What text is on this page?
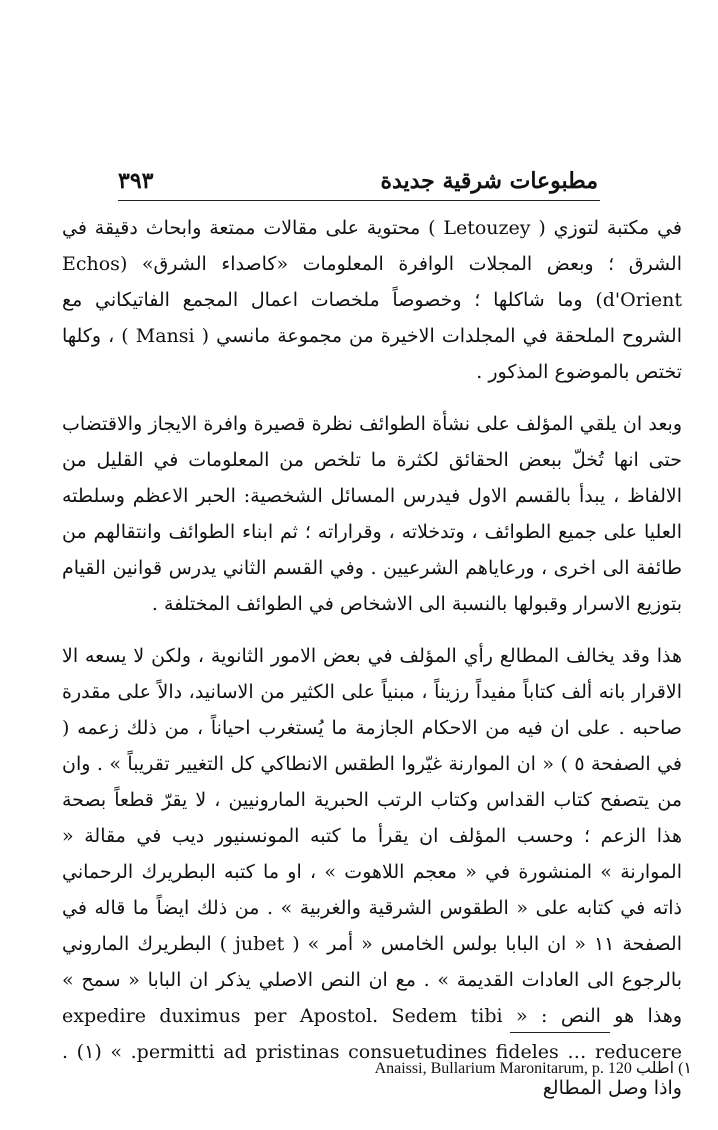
٣٩٣	مطبوعات شرقية جديدة

في مكتبة لتوزي ( Letouzey ) محتوية على مقالات ممتعة وابحاث دقيقة في الشرق ؛ وبعض المجلات الوافرة المعلومات «كاصداء الشرق» (Echos d'Orient) وما شاكلها ؛ وخصوصاً ملخصات اعمال المجمع الفاتيكاني مع الشروح الملحقة في المجلدات الاخيرة من مجموعة مانسي ( Mansi ) ، وكلها تختص بالموضوع المذكور .

وبعد ان يلقي المؤلف على نشأة الطوائف نظرة قصيرة وافرة الايجاز والاقتضاب حتى انها تُخلّ ببعض الحقائق لكثرة ما تلخص من المعلومات في القليل من الالفاظ ، يبدأ بالقسم الاول فيدرس المسائل الشخصية: الحبر الاعظم وسلطته العليا على جميع الطوائف ، وتدخلاته ، وقراراته ؛ ثم ابناء الطوائف وانتقالهم من طائفة الى اخرى ، ورعاياهم الشرعيين . وفي القسم الثاني يدرس قوانين القيام بتوزيع الاسرار وقبولها بالنسبة الى الاشخاص في الطوائف المختلفة .

هذا وقد يخالف المطالع رأي المؤلف في بعض الامور الثانوية ، ولكن لا يسعه الا الاقرار بانه ألف كتاباً مفيداً رزيناً ، مبنياً على الكثير من الاسانيد، دالاً على مقدرة صاحبه . على ان فيه من الاحكام الجازمة ما يُستغرب احياناً ، من ذلك زعمه ( في الصفحة ٥ ) « ان الموارنة غيّروا الطقس الانطاكي كل التغيير تقريباً » . وان من يتصفح كتاب القداس وكتاب الرتب الحبرية المارونيين ، لا يقرّ قطعاً بصحة هذا الزعم ؛ وحسب المؤلف ان يقرأ ما كتبه المونسنيور ديب في مقالة « الموارنة » المنشورة في « معجم اللاهوت » ، او ما كتبه البطريرك الرحماني ذاته في كتابه على « الطقوس الشرقية والغربية » . من ذلك ايضاً ما قاله في الصفحة ١١ « ان البابا بولس الخامس « أمر » ( jubet ) البطريرك الماروني بالرجوع الى العادات القديمة » . مع ان النص الاصلي يذكر ان البابا « سمح » وهذا هو النص : « expedire duximus per Apostol. Sedem tibi permitti ad pristinas consuetudines fideles … reducere. » (١) . واذا وصل المطالع

١) اطلب Anaissi, Bullarium Maronitarum, p. 120
